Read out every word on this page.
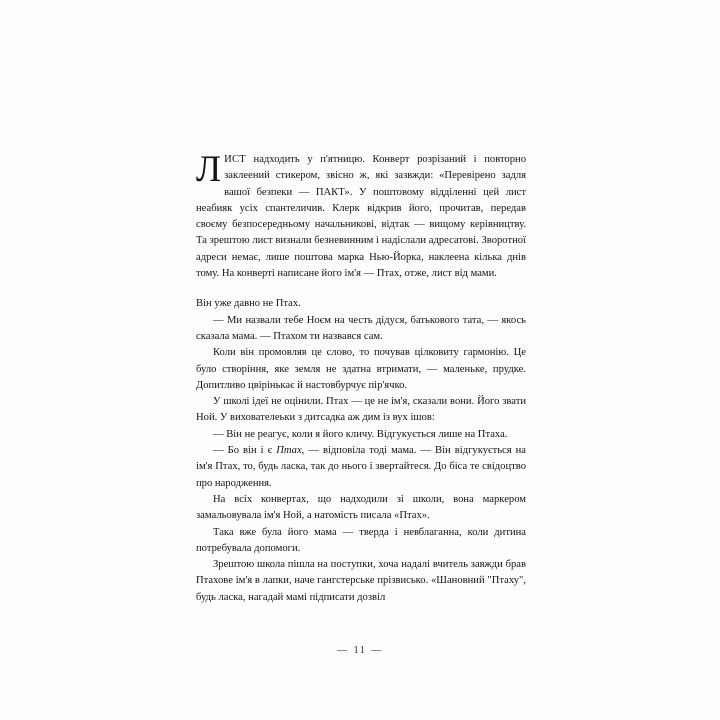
ЛИСТ надходить у п'ятницю. Конверт розрізаний і повторно заклеений стикером, звісно ж, які зазвжди: «Перевірено задля вашої безпеки — ПАКТ». У поштовому відділенні цей лист неабияк усіх спантеличив. Клерк відкрив його, прочитав, передав своєму безпосередньому начальникові, відтак — вищому керівництву. Та зрештою лист визнали безневинним і надіслали адресатові. Зворотної адреси немає, лише поштова марка Нью-Йорка, наклеена кілька днів тому. На конверті написане його ім'я — Птах, отже, лист від мами.

Він уже давно не Птах.

— Ми назвали тебе Ноєм на честь дідуся, батькового тата, — якось сказала мама. — Птахом ти назвався сам.

Коли він промовляв це слово, то почував цілковиту гармонію. Це було створіння, яке земля не здатна втримати, — маленьке, прудке. Допитливо цвірінькає й настовбурчує пір'ячко.

У школі ідеї не оцінили. Птах — це не ім'я, сказали вони. Його звати Ной. У вихователеьки з дитсадка аж дим із вух ішов:

— Він не реагує, коли я його кличу. Відгукується лише на Птаха.

— Бо він і є Птах, — відповіла тоді мама. — Він відгукується на ім'я Птах, то, будь ласка, так до нього і звертайтеся. До біса те свідоцтво про народження.

На всіх конвертах, що надходили зі школи, вона маркером замальовувала ім'я Ной, а натомість писала «Птах».

Така вже була його мама — тверда і невблаганна, коли дитина потребувала допомоги.

Зрештою школа пішла на поступки, хоча надалі вчитель завжди брав Птахове ім'я в лапки, наче гангстерське прізвисько. «Шановний "Птаху", будь ласка, нагадай мамі підписати дозвіл

— 11 —
